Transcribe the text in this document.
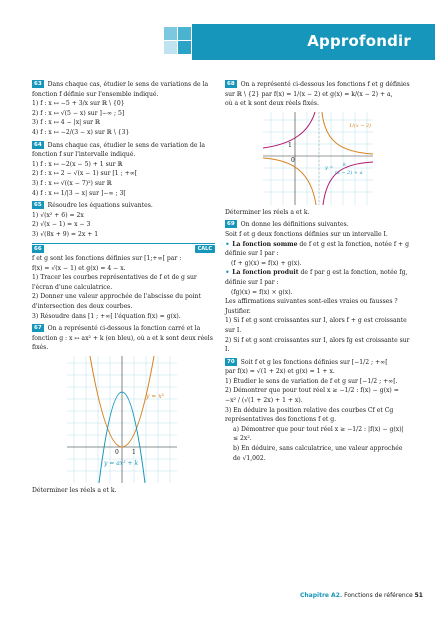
Approfondir

63 Dans chaque cas, étudier le sens de variations de la fonction f définie sur l'ensemble indiqué.

1) f : x ↦ −5 + 3/x sur ℝ \ {0}

2) f : x ↦ √(5 − x) sur ]−∞ ; 5]

3) f : x ↦ 4 − |x| sur ℝ

4) f : x ↦ −2/(3 − x) sur ℝ \ {3}

64 Dans chaque cas, étudier le sens de variation de la fonction f sur l'intervalle indiqué.

1) f : x ↦ −2(x − 5) + 1 sur ℝ

2) f : x ↦ 2 − √(x − 1) sur [1 ; +∞[

3) f : x ↦ √((x − 7)²) sur ℝ

4) f : x ↦ 1/|3 − x| sur ]−∞ ; 3[

65 Résoudre les équations suivantes.

1) √(x² + 6) = 2x

2) √(x − 1) = x − 3

3) √(8x + 9) = 2x + 1

66	CALC

f et g sont les fonctions définies sur [1;+∞[ par :

f(x) = √(x − 1) et g(x) = 4 − x.

1) Tracer les courbes représentatives de f et de g sur l'écran d'une calculatrice.

2) Donner une valeur approchée de l'abscisse du point d'intersection des deux courbes.

3) Résoudre dans [1 ; +∞[ l'équation f(x) = g(x).

67 On a représenté ci-dessous la fonction carré et la fonction g : x ↦ ax² + k (en bleu), où a et k sont deux réels fixés.

y = x²
y = ax² + k
0 1

Déterminer les réels a et k.

68 On a représenté ci-dessous les fonctions f et g définies sur ℝ \ {2} par f(x) = 1/(x − 2) et g(x) = k/(x − 2) + a,

où a et k sont deux réels fixés.

1/(x − 2)
y = k
(x − 2) + a
0
1

Déterminer les réels a et k.

69 On donne les définitions suivantes.

Soit f et g deux fonctions définies sur un intervalle I.

• La fonction somme de f et g est la fonction, notée f + g définie sur I par :

(f + g)(x) = f(x) + g(x).

• La fonction produit de f par g est la fonction, notée fg, définie sur I par :

(fg)(x) = f(x) × g(x).

Les affirmations suivantes sont-elles vraies ou fausses ? Justifier.

1) Si f et g sont croissantes sur I, alors f + g est croissante sur I.

2) Si f et g sont croissantes sur I, alors fg est croissante sur I.

70 Soit f et g les fonctions définies sur [−1/2 ; +∞[

par f(x) = √(1 + 2x) et g(x) = 1 + x.

1) Étudier le sens de variation de f et g sur [−1/2 ; +∞[.

2) Démontrer que pour tout réel x ≥ −1/2 : f(x) − g(x) = −x² / (√(1 + 2x) + 1 + x).

3) En déduire la position relative des courbes Cf et Cg représentatives des fonctions f et g.

a) Démontrer que pour tout réel x ≥ −1/2 : |f(x) − g(x)| ≤ 2x².

b) En déduire, sans calculatrice, une valeur approchée de √1,002.

Chapitre A2. Fonctions de référence 51
